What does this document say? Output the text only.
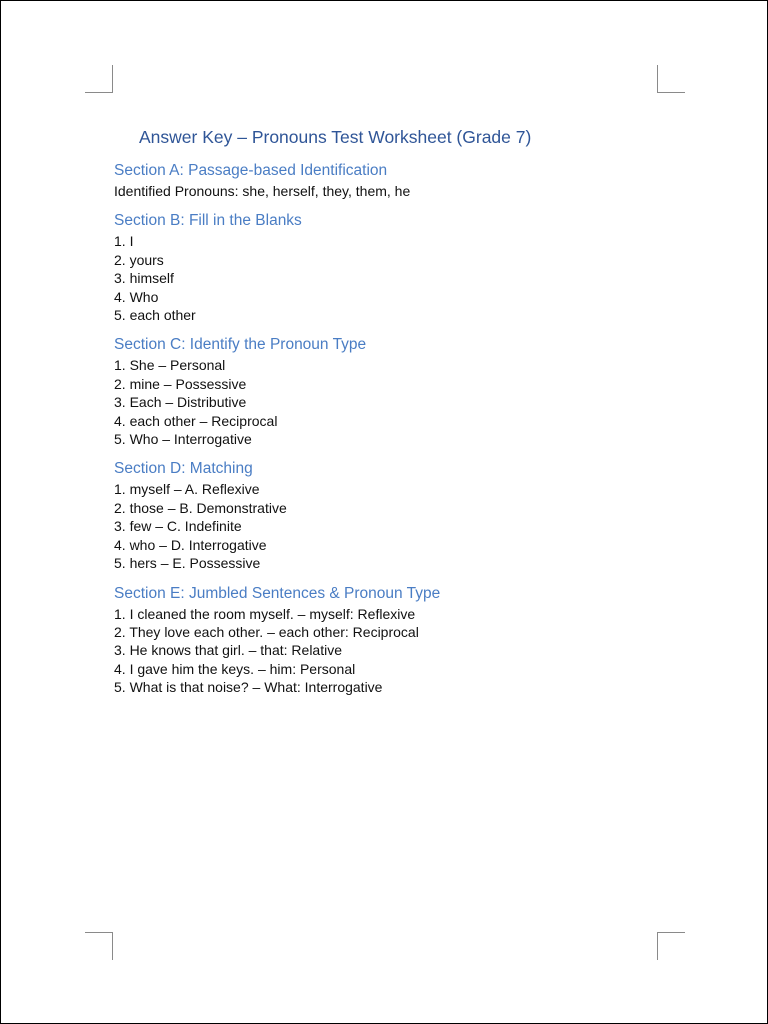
Answer Key – Pronouns Test Worksheet (Grade 7)
Section A: Passage-based Identification

Identified Pronouns: she, herself, they, them, he

Section B: Fill in the Blanks

1. I

2. yours

3. himself

4. Who

5. each other

Section C: Identify the Pronoun Type

1. She – Personal

2. mine – Possessive

3. Each – Distributive

4. each other – Reciprocal

5. Who – Interrogative

Section D: Matching

1. myself – A. Reflexive

2. those – B. Demonstrative

3. few – C. Indefinite

4. who – D. Interrogative

5. hers – E. Possessive

Section E: Jumbled Sentences & Pronoun Type

1. I cleaned the room myself. – myself: Reflexive

2. They love each other. – each other: Reciprocal

3. He knows that girl. – that: Relative

4. I gave him the keys. – him: Personal

5. What is that noise? – What: Interrogative
